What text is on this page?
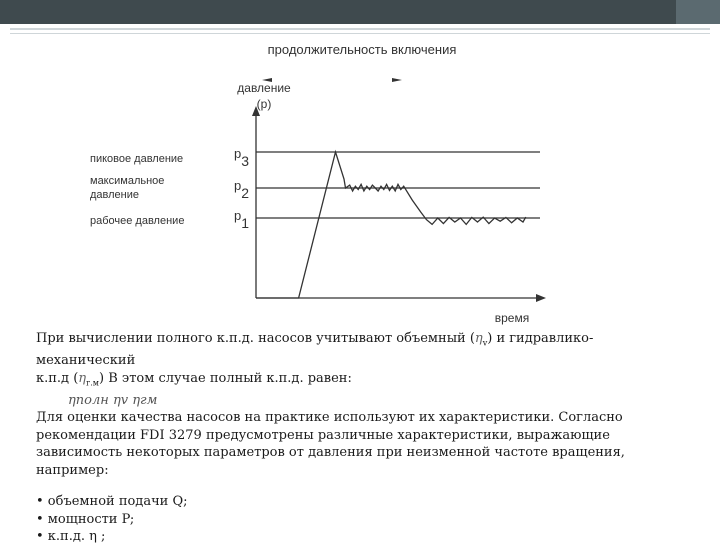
продолжительность включения
давление
(p)
время
пиковое давление
максимальное
давление
рабочее давление
p3
p2
p1

При вычислении полного к.п.д. насосов учитывают объемный $(\eta_v)$ и гидравлико- механический
к.п.д $(\eta_{г.м})$ В этом случае полный к.п.д. равен:

ηполн ηv ηгм

Для оценки качества насосов на практике используют их характеристики. Согласно рекомендации FDI 3279 предусмотрены различные характеристики, выражающие зависимость некоторых параметров от давления при неизменной частоте вращения, например:

• объемной подачи Q;

• мощности P;

• к.п.д. η ;
